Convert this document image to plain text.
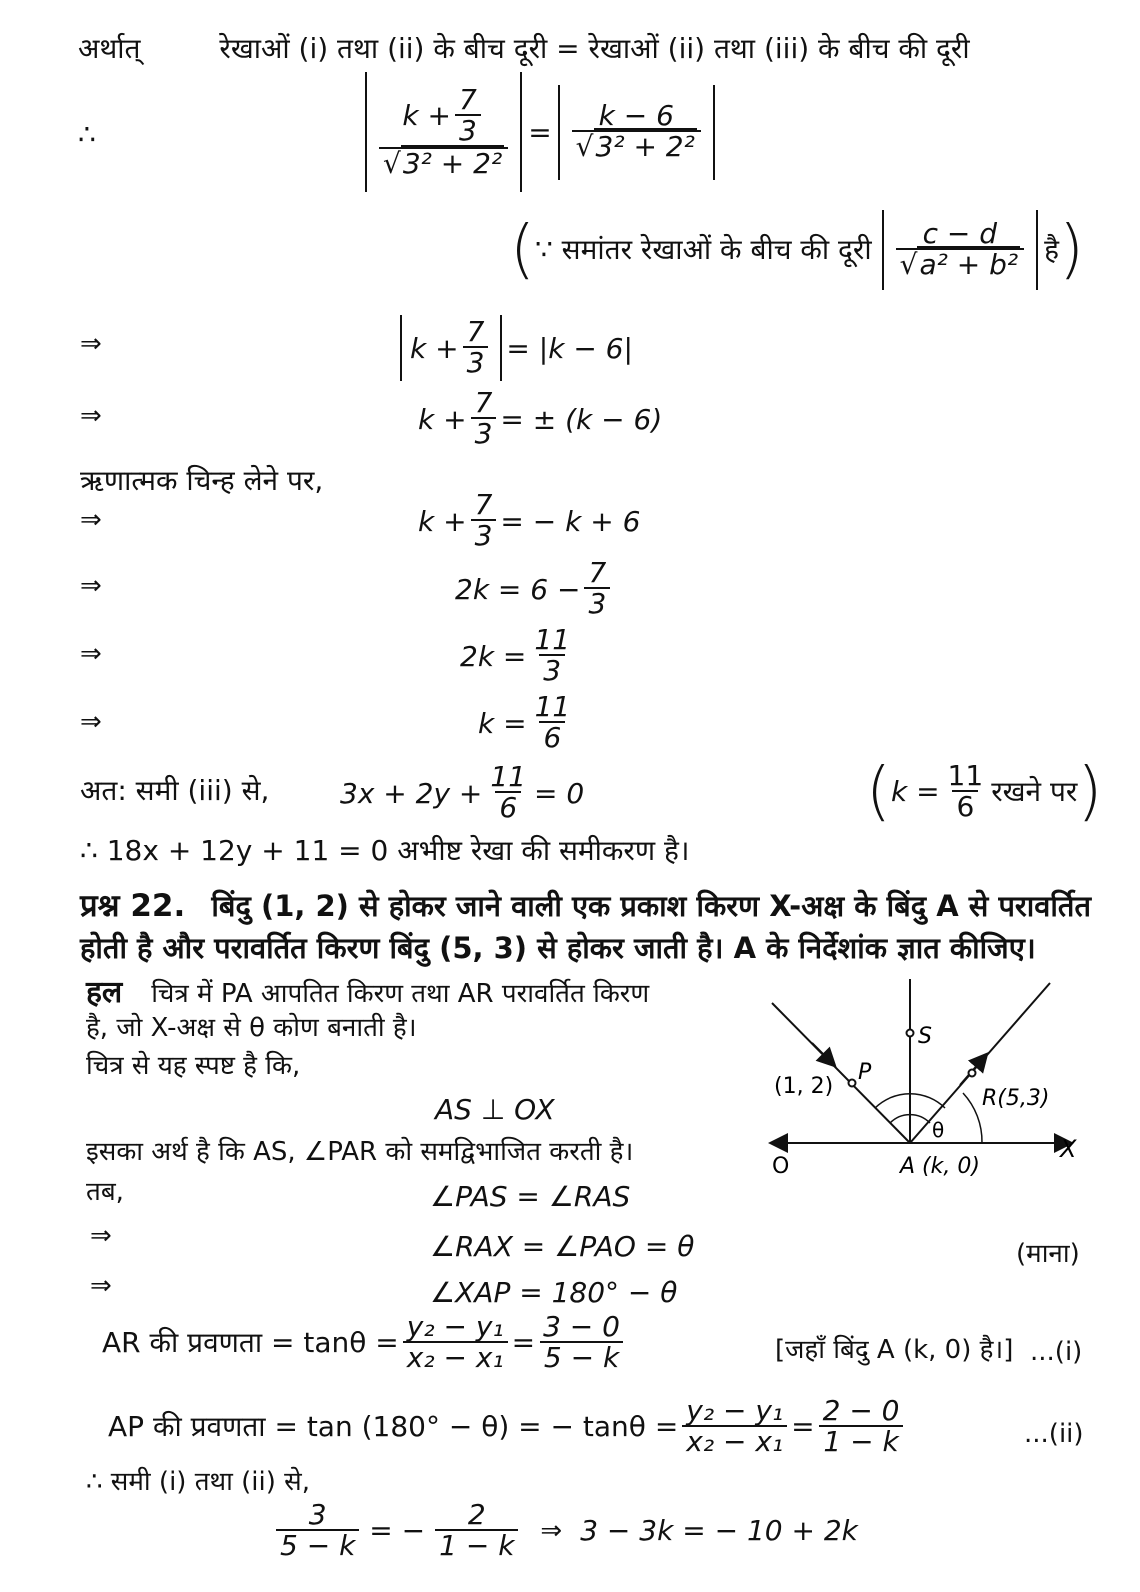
अर्थात्	रेखाओं (i) तथा (ii) के बीच दूरी = रेखाओं (ii) तथा (iii) के बीच की दूरी
∴	$\frac{k + \frac{7}{3}}{\text{√3² + 2²}} = \frac{k - 6}{\text{√3² + 2²}}$
( ∵ समांतर रेखाओं के बीच की दूरी $\frac{c - d}{\text{√a² + b²}}$ है )
⇒	$k + \frac{7}{3} = |k - 6|$
⇒	$k + \frac{7}{3}$ = ± (k − 6)
ऋणात्मक चिन्ह लेने पर,
⇒	$k + \frac{7}{3}$ = − k + 6
⇒	$2k = 6 - \frac{7}{3}$
⇒	$2k = \frac{11}{3}$
⇒	$k = \frac{11}{6}$
अत: समी (iii) से,	$3x + 2y + \frac{11}{6} = 0$	( $k = \frac{11}{6}$ रखने पर )
∴ 18x + 12y + 11 = 0 अभीष्ट रेखा की समीकरण है।
प्रश्न 22. बिंदु (1, 2) से होकर जाने वाली एक प्रकाश किरण X-अक्ष के बिंदु A से परावर्तित
होती है और परावर्तित किरण बिंदु (5, 3) से होकर जाती है। A के निर्देशांक ज्ञात कीजिए।
हल चित्र में PA आपतित किरण तथा AR परावर्तित किरण
है, जो X-अक्ष से θ कोण बनाती है।
चित्र से यह स्पष्ट है कि,
AS ⊥ OX
इसका अर्थ है कि AS, ∠PAR को समद्विभाजित करती है।
तब,	∠PAS = ∠RAS
⇒	∠RAX = ∠PAO = θ	(माना)
⇒	∠XAP = 180° − θ
(1, 2)
P
S
R(5,3)
θ
O	A (k, 0)
X
AR की प्रवणता = $\tan\theta = \frac{\text{y₂ − y₁}}{\text{x₂ − x₁}} = \frac{3 - 0}{5 - k}$	[जहाँ बिंदु A (k, 0) है।] ...(i)
AP की प्रवणता = tan (180° − θ) = − $\tan\theta = \frac{\text{y₂ − y₁}}{\text{x₂ − x₁}} = \frac{2 - 0}{1 - k}$	...(ii)
∴ समी (i) तथा (ii) से,
$\frac{3}{5 - k}$ = − $\frac{2}{1 - k}$ ⇒ 3 − 3k = − 10 + 2k
